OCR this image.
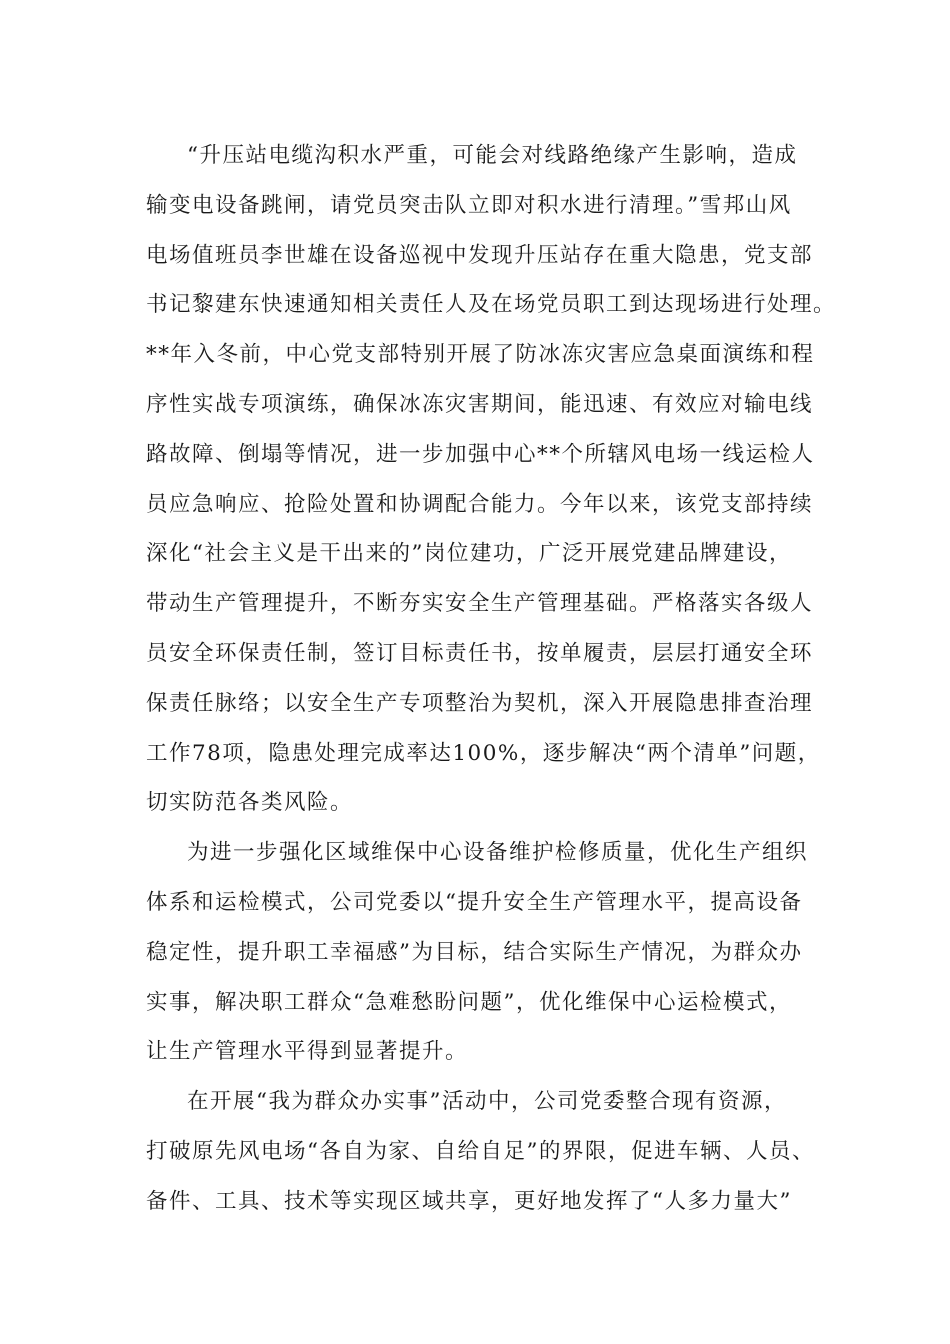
“升压站电缆沟积水严重，可能会对线路绝缘产生影响，造成
输变电设备跳闸，请党员突击队立即对积水进行清理。”雪邦山风
电场值班员李世雄在设备巡视中发现升压站存在重大隐患，党支部
书记黎建东快速通知相关责任人及在场党员职工到达现场进行处理。
**年入冬前，中心党支部特别开展了防冰冻灾害应急桌面演练和程
序性实战专项演练，确保冰冻灾害期间，能迅速、有效应对输电线
路故障、倒塌等情况，进一步加强中心**个所辖风电场一线运检人
员应急响应、抢险处置和协调配合能力。今年以来，该党支部持续
深化“社会主义是干出来的”岗位建功，广泛开展党建品牌建设，
带动生产管理提升，不断夯实安全生产管理基础。严格落实各级人
员安全环保责任制，签订目标责任书，按单履责，层层打通安全环
保责任脉络；以安全生产专项整治为契机，深入开展隐患排查治理
工作78项，隐患处理完成率达100%，逐步解决“两个清单”问题，
切实防范各类风险。
为进一步强化区域维保中心设备维护检修质量，优化生产组织
体系和运检模式，公司党委以“提升安全生产管理水平，提高设备
稳定性，提升职工幸福感”为目标，结合实际生产情况，为群众办
实事，解决职工群众“急难愁盼问题”，优化维保中心运检模式，
让生产管理水平得到显著提升。
在开展“我为群众办实事”活动中，公司党委整合现有资源，
打破原先风电场“各自为家、自给自足”的界限，促进车辆、人员、
备件、工具、技术等实现区域共享，更好地发挥了“人多力量大”
